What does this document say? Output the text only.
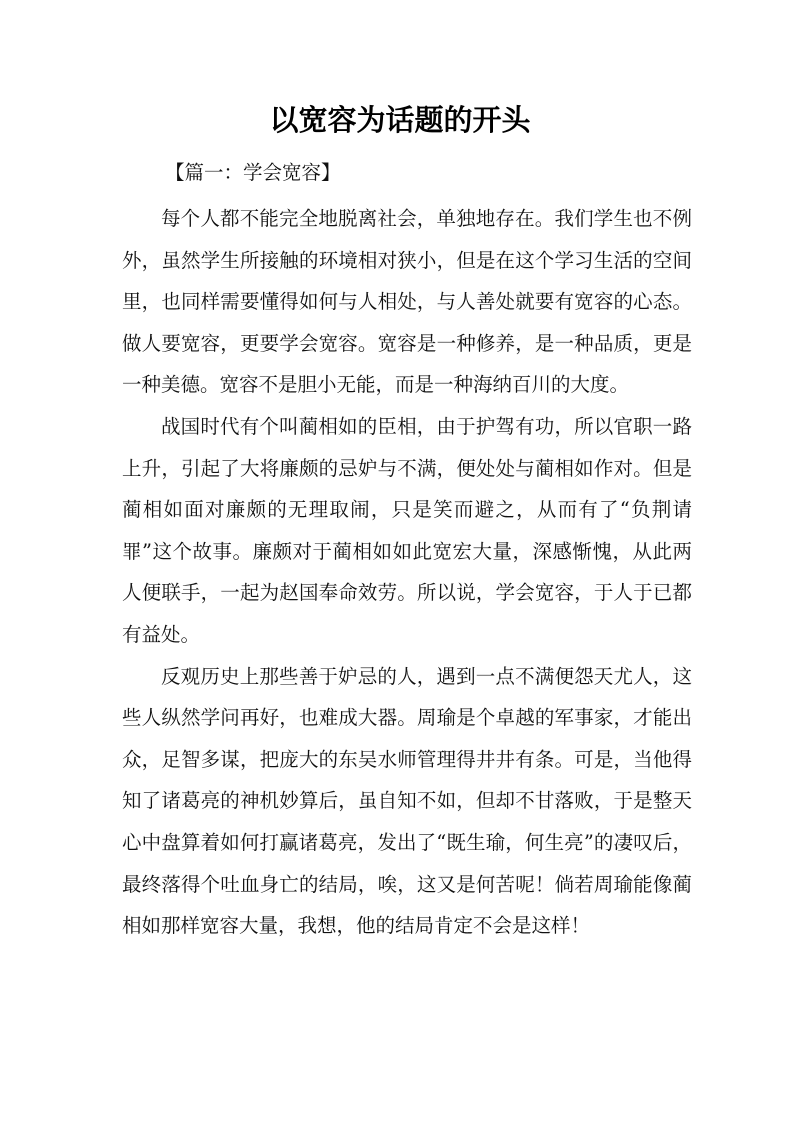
以宽容为话题的开头
【篇一：学会宽容】

每个人都不能完全地脱离社会，单独地存在。我们学生也不例外，虽然学生所接触的环境相对狭小，但是在这个学习生活的空间里，也同样需要懂得如何与人相处，与人善处就要有宽容的心态。做人要宽容，更要学会宽容。宽容是一种修养，是一种品质，更是一种美德。宽容不是胆小无能，而是一种海纳百川的大度。

战国时代有个叫蔺相如的臣相，由于护驾有功，所以官职一路上升，引起了大将廉颇的忌妒与不满，便处处与蔺相如作对。但是蔺相如面对廉颇的无理取闹，只是笑而避之，从而有了“负荆请罪”这个故事。廉颇对于蔺相如如此宽宏大量，深感惭愧，从此两人便联手，一起为赵国奉命效劳。所以说，学会宽容，于人于已都有益处。

反观历史上那些善于妒忌的人，遇到一点不满便怨天尤人，这些人纵然学问再好，也难成大器。周瑜是个卓越的军事家，才能出众，足智多谋，把庞大的东吴水师管理得井井有条。可是，当他得知了诸葛亮的神机妙算后，虽自知不如，但却不甘落败，于是整天心中盘算着如何打赢诸葛亮，发出了“既生瑜，何生亮”的凄叹后，最终落得个吐血身亡的结局，唉，这又是何苦呢！倘若周瑜能像蔺相如那样宽容大量，我想，他的结局肯定不会是这样！
